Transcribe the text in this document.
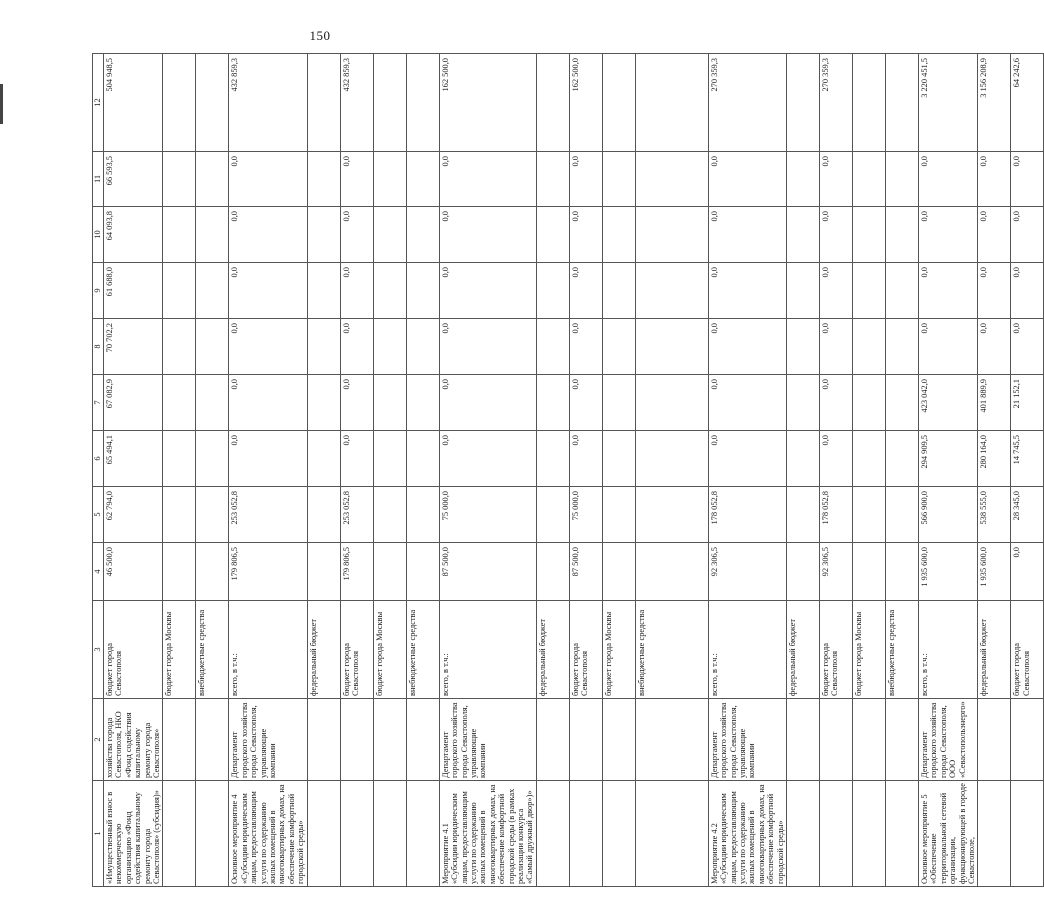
150
1	2	3	4	5	6	7	8	9	10	11	12
«Имущественный взнос в некоммерческую организацию «Фонд содействия капитальному ремонту города Севастополя» (субсидия)»	хозяйства города Севастополя, НКО «Фонд содействия капитальному ремонту города Севастополя»	бюджет города Севастополя	46 500,0	62 794,0	65 494,1	67 082,9	70 702,2	61 688,0	64 093,8	66 593,5	504 948,5
		бюджет города Москвы									
		внебюджетные средства									
Основное мероприятие 4 «Субсидии юридическим лицам, предоставляющим услуги по содержанию жилых помещений в многоквартирных домах, на обеспечение комфортной городской среды»	Департамент городского хозяйства города Севастополя, управляющие компании	всего, в т.ч.:	179 806,5	253 052,8	0,0	0,0	0,0	0,0	0,0	0,0	432 859,3
		федеральный бюджет									
		бюджет города Севастополя	179 806,5	253 052,8	0,0	0,0	0,0	0,0	0,0	0,0	432 859,3
		бюджет города Москвы									
		внебюджетные средства									
Мероприятие 4.1 «Субсидии юридическим лицам, предоставляющим услуги по содержанию жилых помещений в многоквартирных домах, на обеспечение комфортной городской среды (в рамках реализации конкурса «Самый дружный двор»)»	Департамент городского хозяйства города Севастополя, управляющие компании	всего, в т.ч.:	87 500,0	75 000,0	0,0	0,0	0,0	0,0	0,0	0,0	162 500,0
		федеральный бюджет									
		бюджет города Севастополя	87 500,0	75 000,0	0,0	0,0	0,0	0,0	0,0	0,0	162 500,0
		бюджет города Москвы									
		внебюджетные средства									
Мероприятие 4.2 «Субсидии юридическим лицам, предоставляющим услуги по содержанию жилых помещений в многоквартирных домах, на обеспечение комфортной городской среды»	Департамент городского хозяйства города Севастополя, управляющие компании	всего, в т.ч.:	92 306,5	178 052,8	0,0	0,0	0,0	0,0	0,0	0,0	270 359,3
		федеральный бюджет									
		бюджет города Севастополя	92 306,5	178 052,8	0,0	0,0	0,0	0,0	0,0	0,0	270 359,3
		бюджет города Москвы									
		внебюджетные средства									
Основное мероприятие 5 «Обеспечение территориальной сетевой организации, функционирующей в городе Севастополе,	Департамент городского хозяйства города Севастополя, ООО «Севастопольэнерго»	всего, в т.ч.:	1 935 600,0	566 900,0	294 909,5	423 042,0	0,0	0,0	0,0	0,0	3 220 451,5
		федеральный бюджет	1 935 600,0	538 555,0	280 164,0	401 889,9	0,0	0,0	0,0	0,0	3 156 208,9
		бюджет города Севастополя	0,0	28 345,0	14 745,5	21 152,1	0,0	0,0	0,0	0,0	64 242,6
